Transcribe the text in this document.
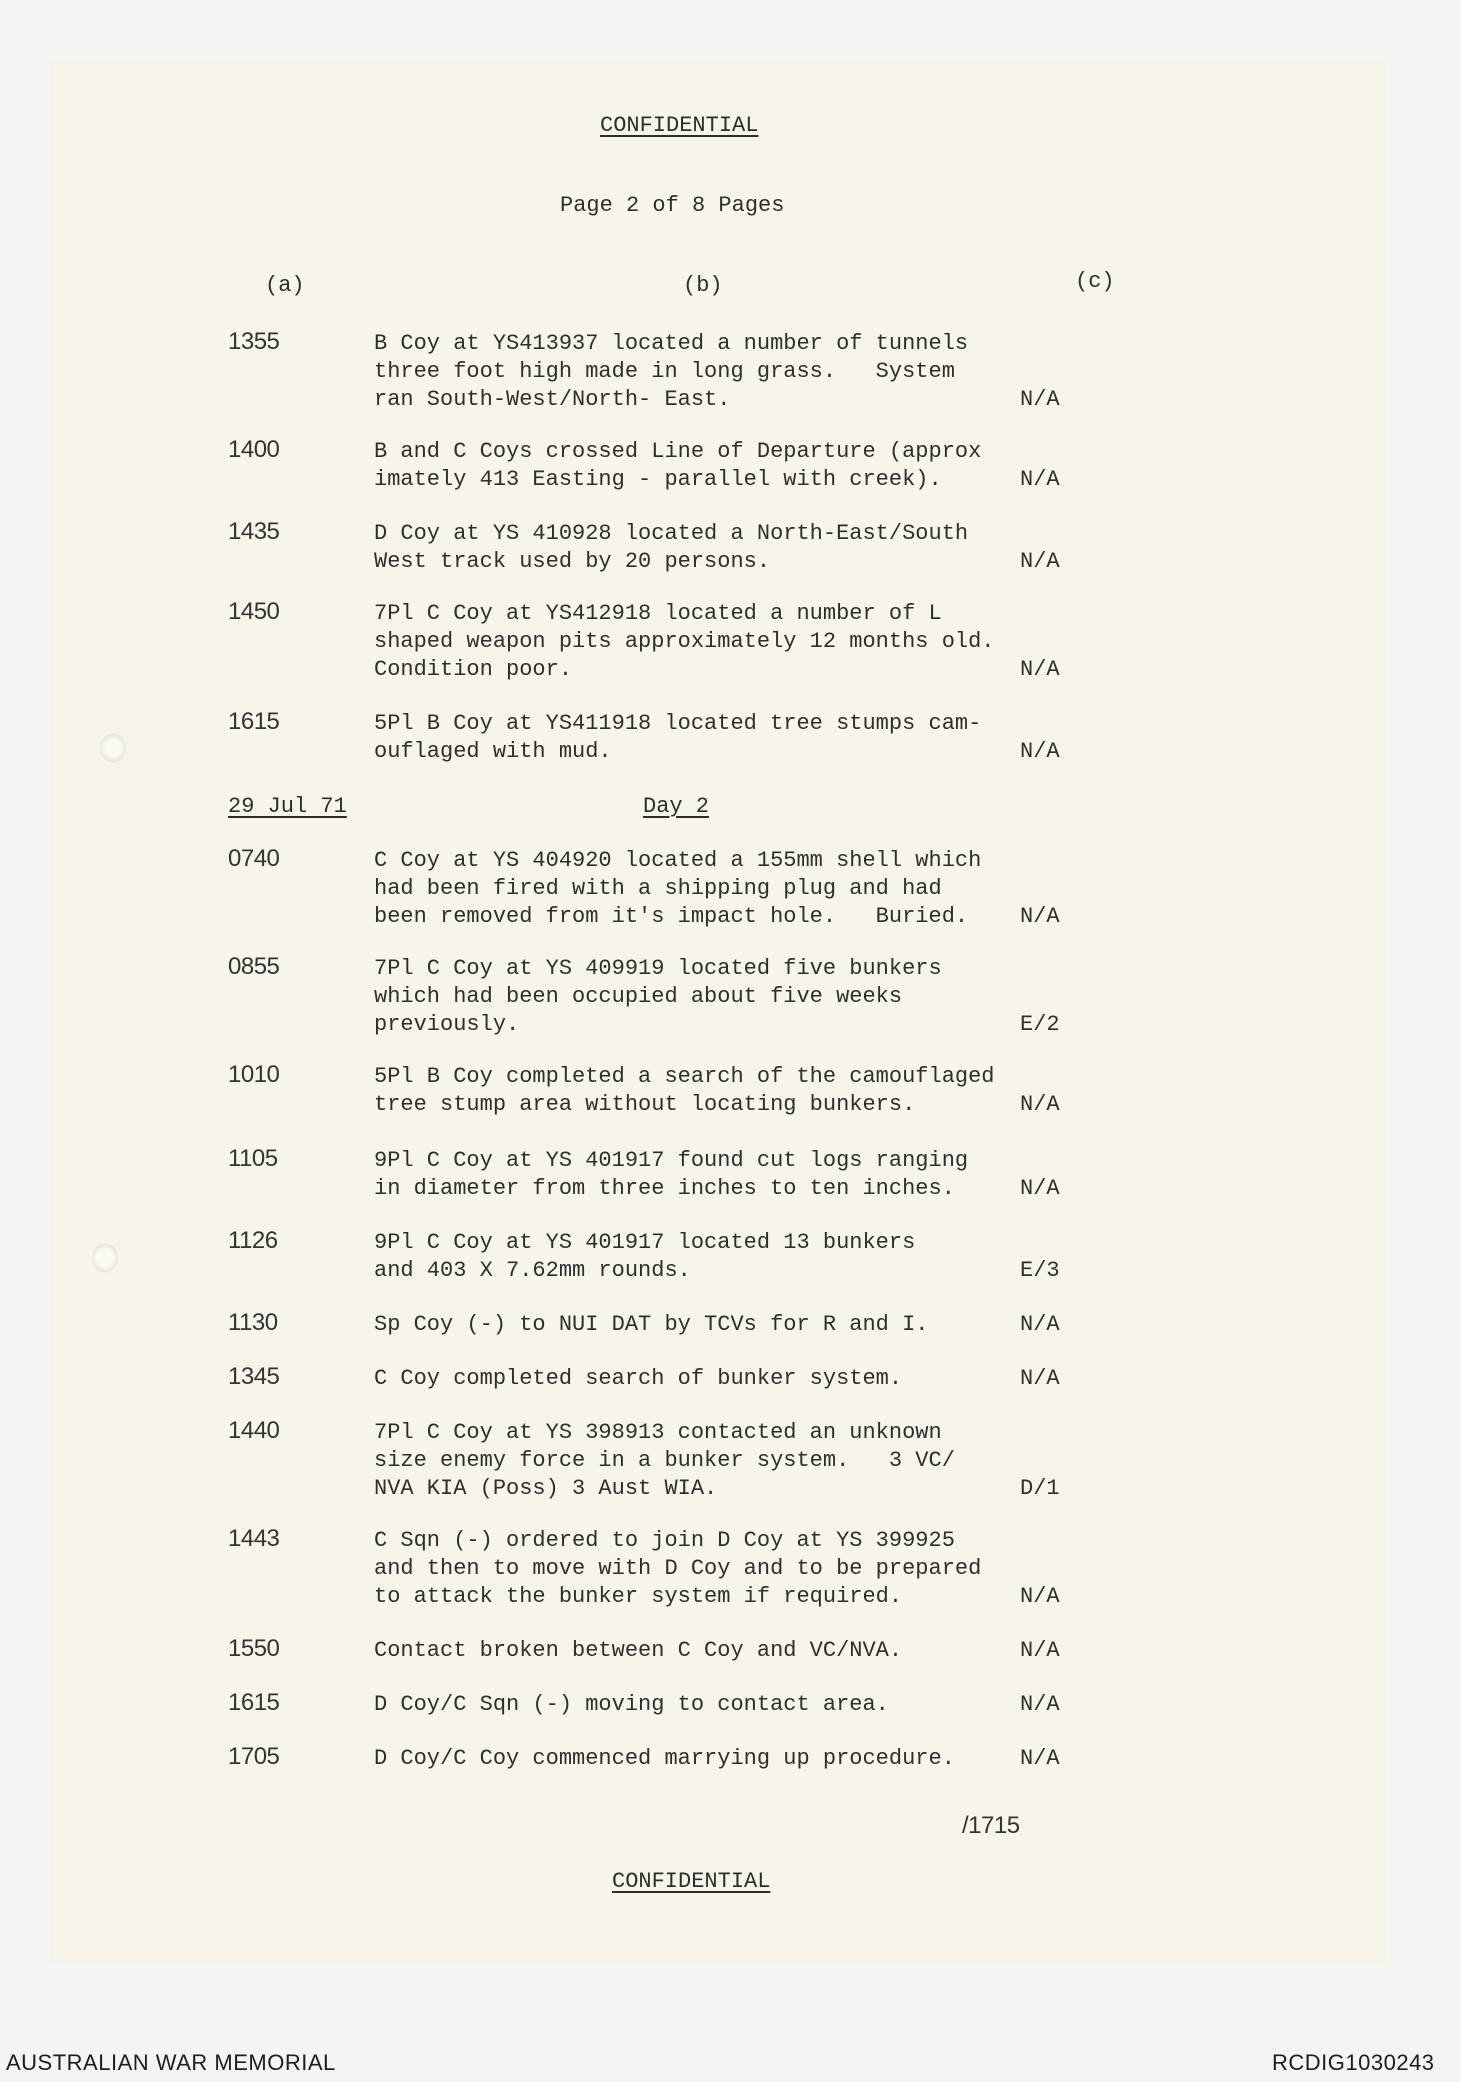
CONFIDENTIAL
Page 2 of 8 Pages
(a)	(b)	(c)
1355	B Coy at YS413937 located a number of tunnels
three foot high made in long grass.   System
ran South-West/North- East.	N/A
1400	B and C Coys crossed Line of Departure (approx
imately 413 Easting - parallel with creek).	N/A
1435	D Coy at YS 410928 located a North-East/South
West track used by 20 persons.	N/A
1450	7Pl C Coy at YS412918 located a number of L
shaped weapon pits approximately 12 months old.
Condition poor.	N/A
1615	5Pl B Coy at YS411918 located tree stumps cam-
ouflaged with mud.	N/A
29 Jul 71	Day 2
0740	C Coy at YS 404920 located a 155mm shell which
had been fired with a shipping plug and had
been removed from it's impact hole.   Buried. N/A
0855	7Pl C Coy at YS 409919 located five bunkers
which had been occupied about five weeks
previously.	E/2
1010	5Pl B Coy completed a search of the camouflaged
tree stump area without locating bunkers.	N/A
1105	9Pl C Coy at YS 401917 found cut logs ranging
in diameter from three inches to ten inches.	N/A
1126	9Pl C Coy at YS 401917 located 13 bunkers
and 403 X 7.62mm rounds.	E/3
1130	Sp Coy (-) to NUI DAT by TCVs for R and I.	N/A
1345	C Coy completed search of bunker system.	N/A
1440	7Pl C Coy at YS 398913 contacted an unknown
size enemy force in a bunker system.   3 VC/
NVA KIA (Poss) 3 Aust WIA.	D/1
1443	C Sqn (-) ordered to join D Coy at YS 399925
and then to move with D Coy and to be prepared
to attack the bunker system if required.	N/A
1550	Contact broken between C Coy and VC/NVA.	N/A
1615	D Coy/C Sqn (-) moving to contact area.	N/A
1705	D Coy/C Coy commenced marrying up procedure.	N/A
/1715
CONFIDENTIAL
AUSTRALIAN WAR MEMORIAL	RCDIG1030243
